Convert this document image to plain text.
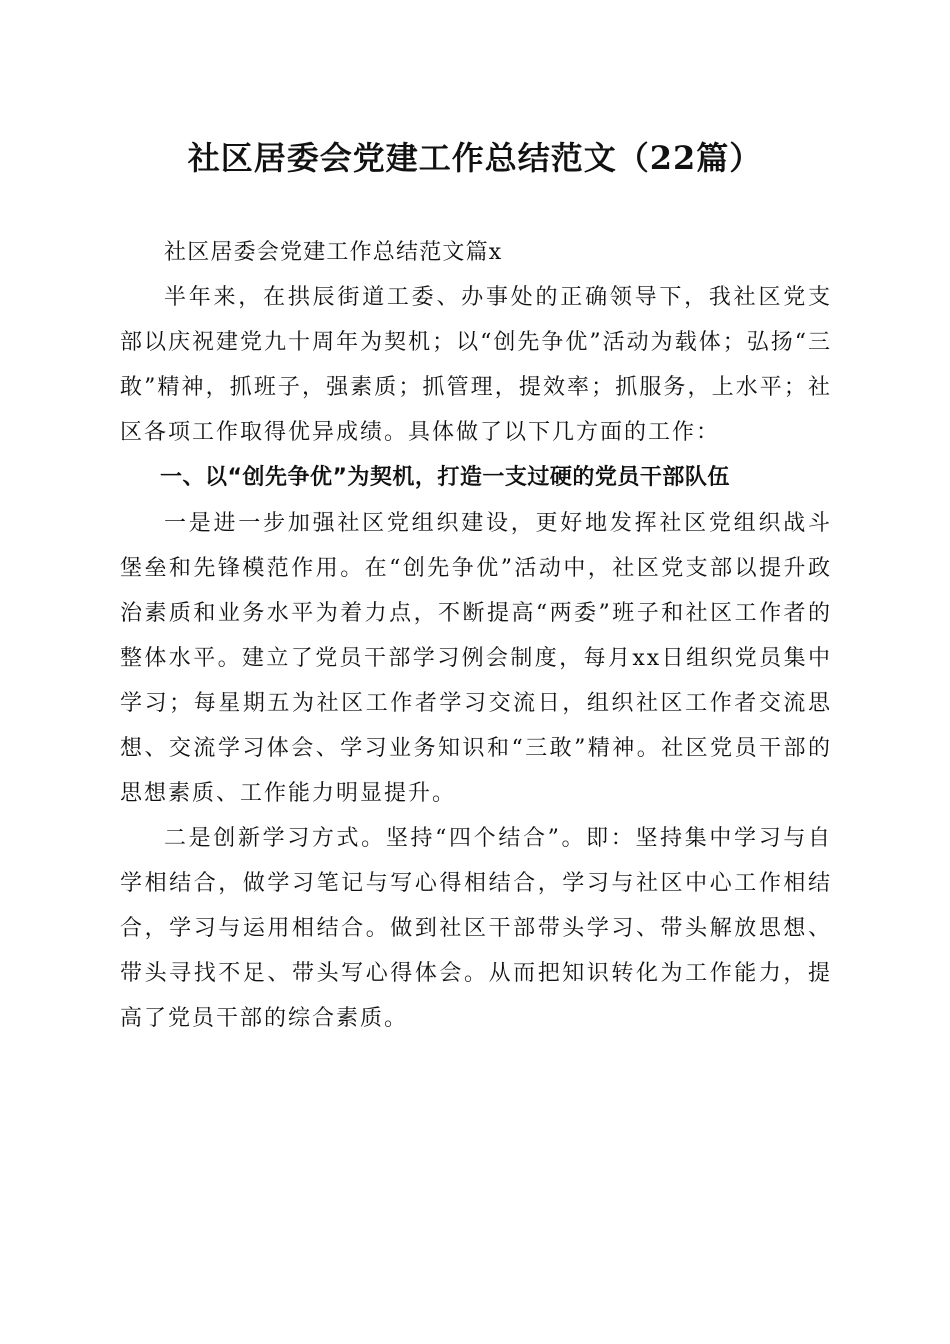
社区居委会党建工作总结范文（22篇）

社区居委会党建工作总结范文篇x

半年来，在拱辰街道工委、办事处的正确领导下，我社区党支部以庆祝建党九十周年为契机；以“创先争优”活动为载体；弘扬“三敢”精神，抓班子，强素质；抓管理，提效率；抓服务，上水平；社区各项工作取得优异成绩。具体做了以下几方面的工作：

一、以“创先争优”为契机，打造一支过硬的党员干部队伍

一是进一步加强社区党组织建设，更好地发挥社区党组织战斗堡垒和先锋模范作用。在“创先争优”活动中，社区党支部以提升政治素质和业务水平为着力点，不断提高“两委”班子和社区工作者的整体水平。建立了党员干部学习例会制度，每月xx日组织党员集中学习；每星期五为社区工作者学习交流日，组织社区工作者交流思想、交流学习体会、学习业务知识和“三敢”精神。社区党员干部的思想素质、工作能力明显提升。

二是创新学习方式。坚持“四个结合”。即：坚持集中学习与自学相结合，做学习笔记与写心得相结合，学习与社区中心工作相结合，学习与运用相结合。做到社区干部带头学习、带头解放思想、带头寻找不足、带头写心得体会。从而把知识转化为工作能力，提高了党员干部的综合素质。
